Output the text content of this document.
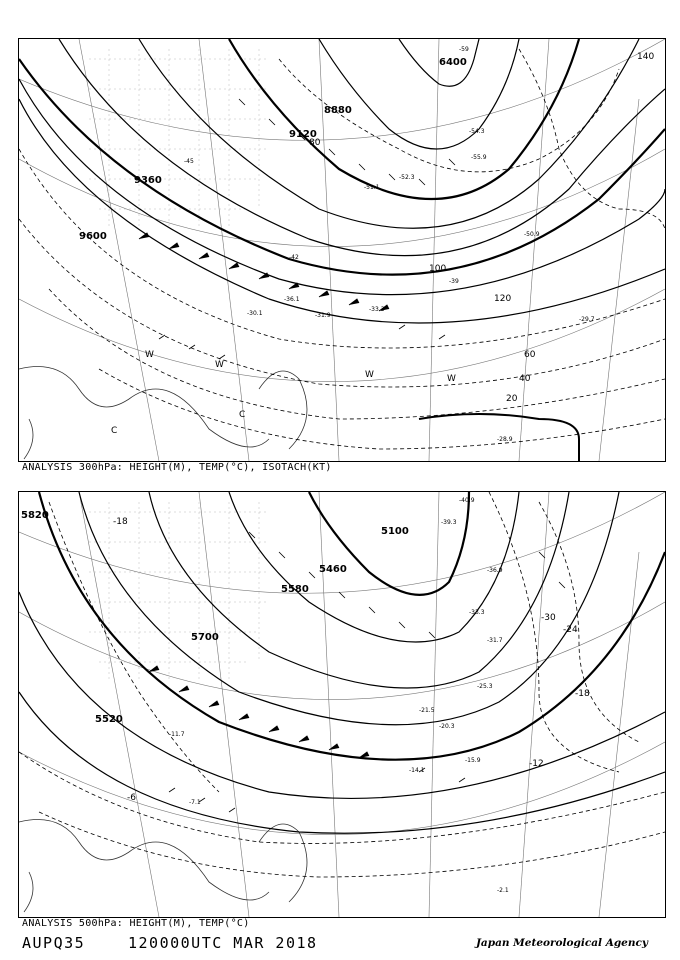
6400
8880
9120
9360
9600
140
120
100
80
60
40
20
-59
-54.3
-52.3
-55.9
-51.1
-50.9
-45
-42
-39
-36.1
-33.3
-31.9
-30.1
-29.7
-28.9
W
W
W	W
C
C
ANALYSIS 300hPa: HEIGHT(M), TEMP(°C), ISOTACH(KT)
5820
5700
5580
5460
5100
5520
-18
-30
-24
-18
-12
-6
-40.9
-39.3
-36.9
-33.3
-31.7
-25.3
-21.5
-20.3
-15.9
-14.1
-11.7
-7.1
-2.1
ANALYSIS 500hPa: HEIGHT(M), TEMP(°C)
AUPQ35	120000UTC MAR 2018	Japan Meteorological Agency
